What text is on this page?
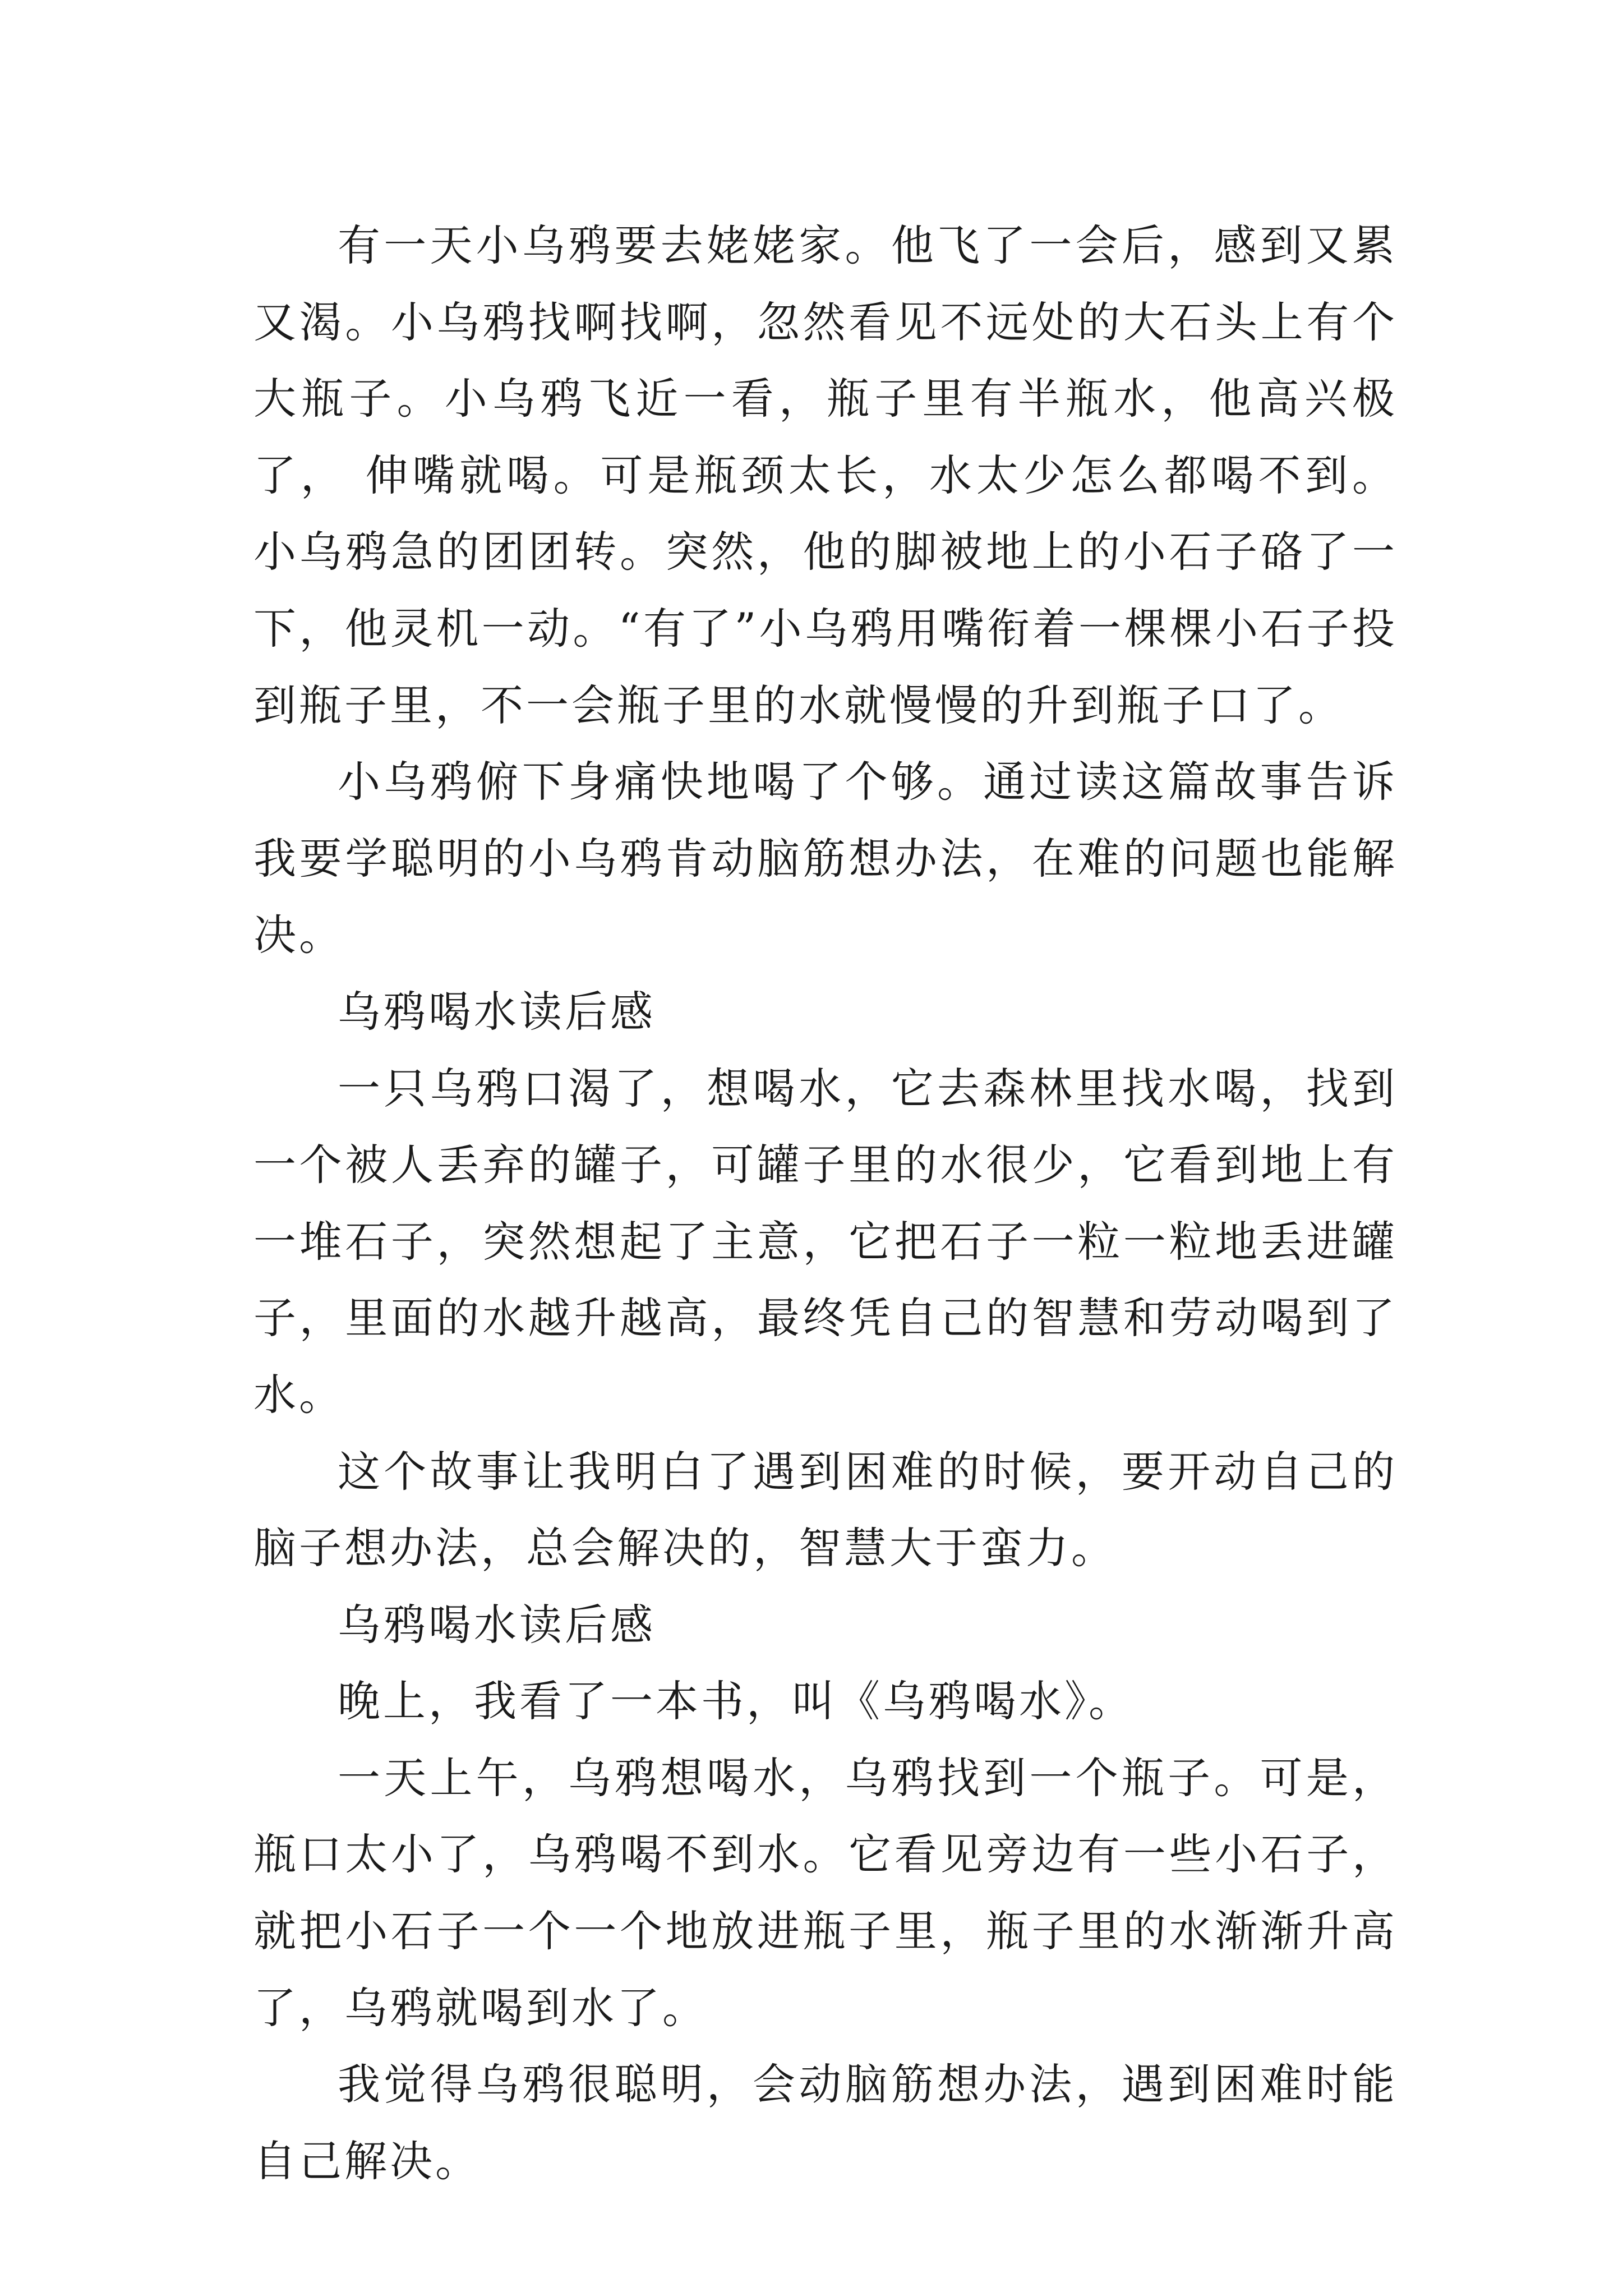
有一天小乌鸦要去姥姥家。他飞了一会后，感到又累又渴。小乌鸦找啊找啊，忽然看见不远处的大石头上有个大瓶子。小乌鸦飞近一看，瓶子里有半瓶水，他高兴极了， 伸嘴就喝。可是瓶颈太长，水太少怎么都喝不到。小乌鸦急的团团转。突然，他的脚被地上的小石子硌了一下，他灵机一动。“有了”小乌鸦用嘴衔着一棵棵小石子投到瓶子里，不一会瓶子里的水就慢慢的升到瓶子口了。

小乌鸦俯下身痛快地喝了个够。通过读这篇故事告诉我要学聪明的小乌鸦肯动脑筋想办法，在难的问题也能解决。

乌鸦喝水读后感

一只乌鸦口渴了，想喝水，它去森林里找水喝，找到一个被人丢弃的罐子，可罐子里的水很少，它看到地上有一堆石子，突然想起了主意，它把石子一粒一粒地丢进罐子，里面的水越升越高，最终凭自己的智慧和劳动喝到了水。

这个故事让我明白了遇到困难的时候，要开动自己的脑子想办法，总会解决的，智慧大于蛮力。

乌鸦喝水读后感

晚上，我看了一本书，叫《乌鸦喝水》。

一天上午，乌鸦想喝水，乌鸦找到一个瓶子。可是，瓶口太小了，乌鸦喝不到水。它看见旁边有一些小石子，就把小石子一个一个地放进瓶子里，瓶子里的水渐渐升高了，乌鸦就喝到水了。

我觉得乌鸦很聪明，会动脑筋想办法，遇到困难时能自己解决。
